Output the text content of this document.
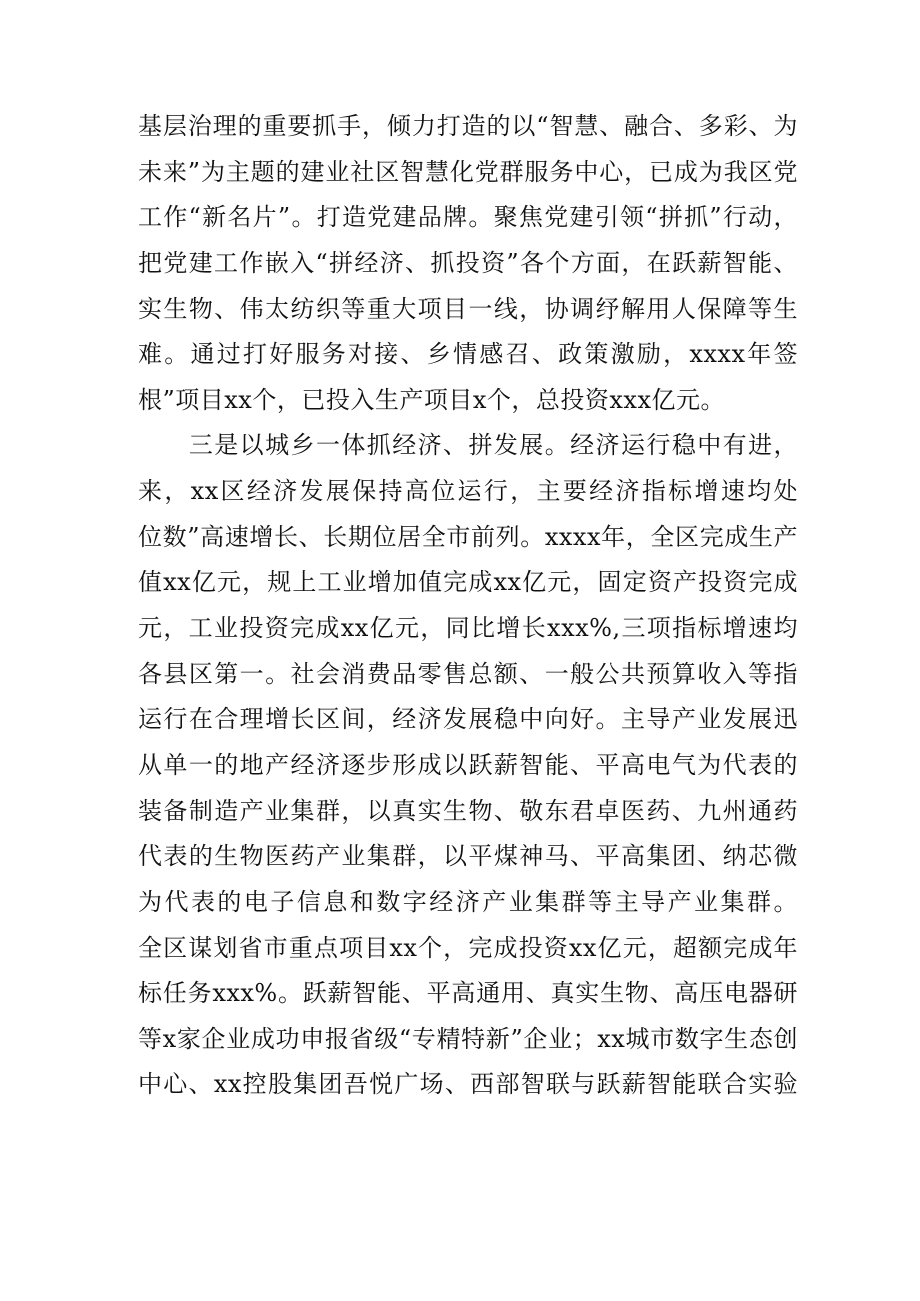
基层治理的重要抓手，倾力打造的以“智慧、融合、多彩、为
未来”为主题的建业社区智慧化党群服务中心，已成为我区党
工作“新名片”。打造党建品牌。聚焦党建引领“拼抓”行动，
把党建工作嵌入“拼经济、抓投资”各个方面，在跃薪智能、
实生物、伟太纺织等重大项目一线，协调纾解用人保障等生
难。通过打好服务对接、乡情感召、政策激励，xxxx年签
根”项目xx个，已投入生产项目x个，总投资xxx亿元。
　　三是以城乡一体抓经济、拼发展。经济运行稳中有进，
来，xx区经济发展保持高位运行，主要经济指标增速均处
位数”高速增长、长期位居全市前列。xxxx年，全区完成生产
值xx亿元，规上工业增加值完成xx亿元，固定资产投资完成
元，工业投资完成xx亿元，同比增长xxx%,三项指标增速均
各县区第一。社会消费品零售总额、一般公共预算收入等指
运行在合理增长区间，经济发展稳中向好。主导产业发展迅
从单一的地产经济逐步形成以跃薪智能、平高电气为代表的
装备制造产业集群，以真实生物、敬东君卓医药、九州通药
代表的生物医药产业集群，以平煤神马、平高集团、纳芯微
为代表的电子信息和数字经济产业集群等主导产业集群。
全区谋划省市重点项目xx个，完成投资xx亿元，超额完成年
标任务xxx%。跃薪智能、平高通用、真实生物、高压电器研
等x家企业成功申报省级“专精特新”企业；xx城市数字生态创
中心、xx控股集团吾悦广场、西部智联与跃薪智能联合实验
